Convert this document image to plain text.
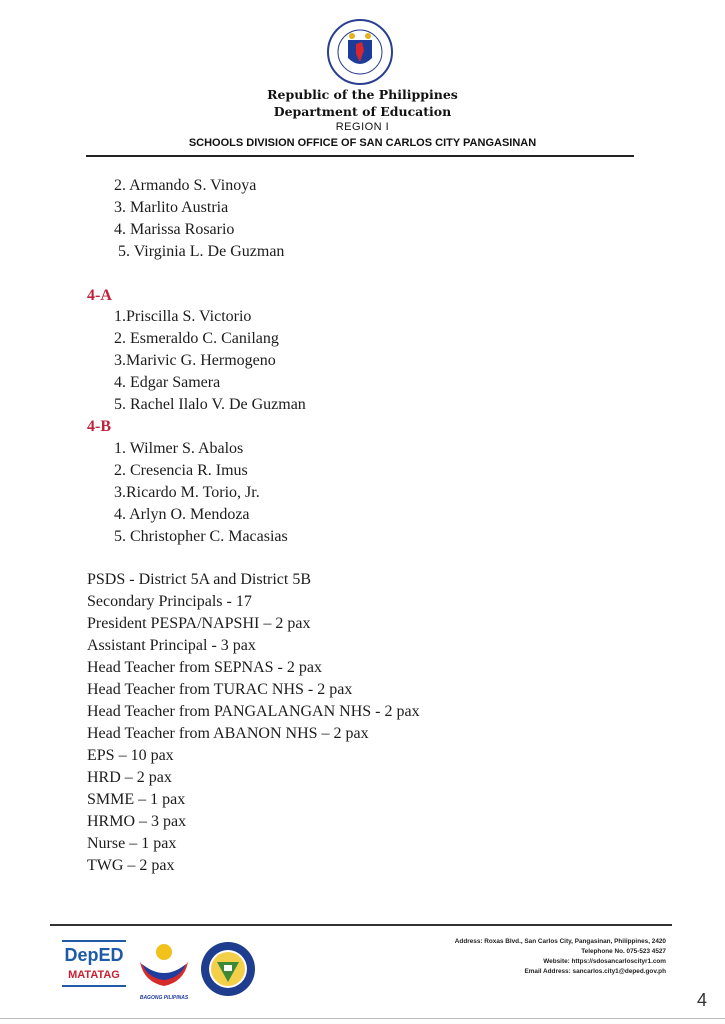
Republic of the Philippines
Department of Education
REGION I
SCHOOLS DIVISION OFFICE OF SAN CARLOS CITY PANGASINAN
2. Armando S. Vinoya
3. Marlito Austria
4. Marissa Rosario
5. Virginia L. De Guzman
4-A
1.Priscilla S. Victorio
2. Esmeraldo C. Canilang
3.Marivic G. Hermogeno
4. Edgar Samera
5. Rachel Ilalo V. De Guzman
4-B
1. Wilmer S. Abalos
2. Cresencia R. Imus
3.Ricardo M. Torio, Jr.
4. Arlyn O. Mendoza
5. Christopher C. Macasias
PSDS - District 5A and District 5B
Secondary Principals - 17
President PESPA/NAPSHI – 2 pax
Assistant Principal - 3 pax
Head Teacher from SEPNAS - 2 pax
Head Teacher from TURAC NHS - 2 pax
Head Teacher from PANGALANGAN NHS - 2 pax
Head Teacher from ABANON NHS – 2 pax
EPS – 10 pax
HRD – 2 pax
SMME – 1 pax
HRMO – 3 pax
Nurse – 1 pax
TWG – 2 pax
DepED
MATATAG
BAGONG PILIPINAS
Address: Roxas Blvd., San Carlos City, Pangasinan, Philippines, 2420
Telephone No. 075-523 4527
Website: https://sdosancarloscityr1.com
Email Address: sancarlos.city1@deped.gov.ph
4
